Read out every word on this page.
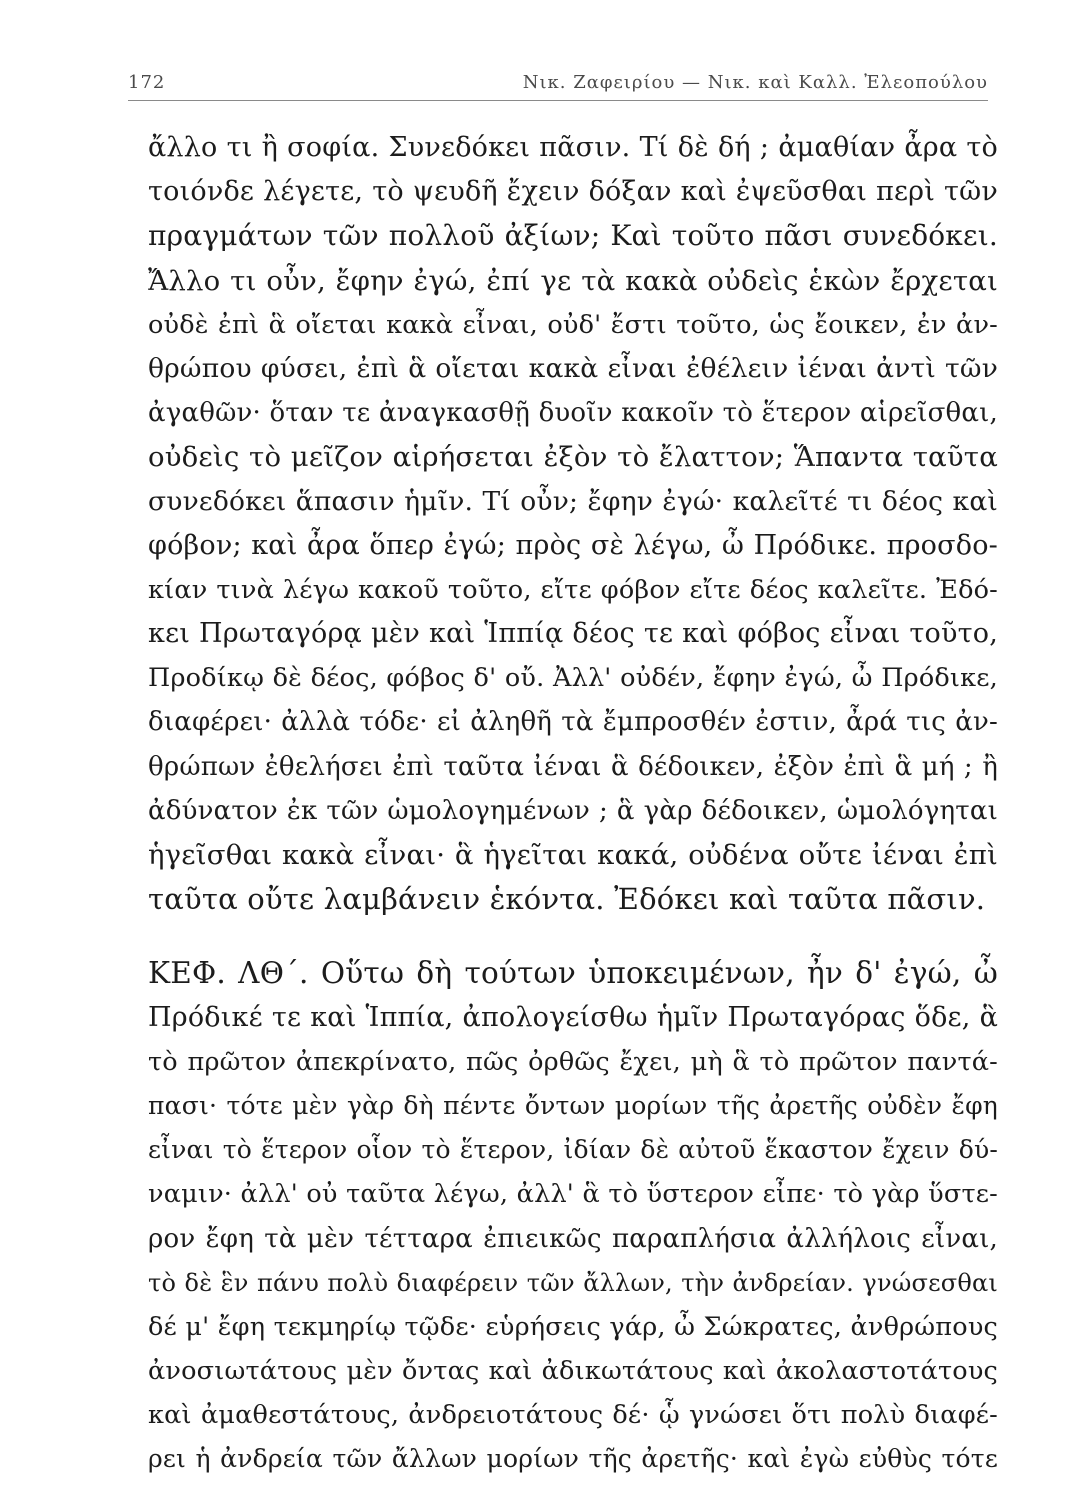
172	Νικ. Ζαφειρίου — Νικ. καὶ Καλλ. Ἐλεοπούλου
ἄλλο τι ἢ σοφία. Συνεδόκει πᾶσιν. Τί δὲ δή ; ἀμαθίαν ἆρα τὸ
τοιόνδε λέγετε, τὸ ψευδῆ ἔχειν δόξαν καὶ ἐψεῦσθαι περὶ τῶν
πραγμάτων τῶν πολλοῦ ἀξίων; Καὶ τοῦτο πᾶσι συνεδόκει.
Ἄλλο τι οὖν, ἔφην ἐγώ, ἐπί γε τὰ κακὰ οὐδεὶς ἑκὼν ἔρχεται
οὐδὲ ἐπὶ ἃ οἴεται κακὰ εἶναι, οὐδ' ἔστι τοῦτο, ὡς ἔοικεν, ἐν ἀν-
θρώπου φύσει, ἐπὶ ἃ οἴεται κακὰ εἶναι ἐθέλειν ἰέναι ἀντὶ τῶν
ἀγαθῶν· ὅταν τε ἀναγκασθῇ δυοῖν κακοῖν τὸ ἕτερον αἱρεῖσθαι,
οὐδεὶς τὸ μεῖζον αἱρήσεται ἐξὸν τὸ ἔλαττον; Ἅπαντα ταῦτα
συνεδόκει ἅπασιν ἡμῖν. Τί οὖν; ἔφην ἐγώ· καλεῖτέ τι δέος καὶ
φόβον; καὶ ἆρα ὅπερ ἐγώ; πρὸς σὲ λέγω, ὦ Πρόδικε. προσδο-
κίαν τινὰ λέγω κακοῦ τοῦτο, εἴτε φόβον εἴτε δέος καλεῖτε. Ἐδό-
κει Πρωταγόρᾳ μὲν καὶ Ἱππίᾳ δέος τε καὶ φόβος εἶναι τοῦτο,
Προδίκῳ δὲ δέος, φόβος δ' οὔ. Ἀλλ' οὐδέν, ἔφην ἐγώ, ὦ Πρόδικε,
διαφέρει· ἀλλὰ τόδε· εἰ ἀληθῆ τὰ ἔμπροσθέν ἐστιν, ἆρά τις ἀν-
θρώπων ἐθελήσει ἐπὶ ταῦτα ἰέναι ἃ δέδοικεν, ἐξὸν ἐπὶ ἃ μή ; ἢ
ἀδύνατον ἐκ τῶν ὡμολογημένων ; ἃ γὰρ δέδοικεν, ὡμολόγηται
ἡγεῖσθαι κακὰ εἶναι· ἃ ἡγεῖται κακά, οὐδένα οὔτε ἰέναι ἐπὶ
ταῦτα οὔτε λαμβάνειν ἑκόντα. Ἐδόκει καὶ ταῦτα πᾶσιν.
ΚΕΦ. ΛΘ΄. Οὕτω δὴ τούτων ὑποκειμένων, ἦν δ' ἐγώ, ὦ
Πρόδικέ τε καὶ Ἱππία, ἀπολογείσθω ἡμῖν Πρωταγόρας ὅδε, ἃ
τὸ πρῶτον ἀπεκρίνατο, πῶς ὀρθῶς ἔχει, μὴ ἃ τὸ πρῶτον παντά-
πασι· τότε μὲν γὰρ δὴ πέντε ὄντων μορίων τῆς ἀρετῆς οὐδὲν ἔφη
εἶναι τὸ ἕτερον οἷον τὸ ἕτερον, ἰδίαν δὲ αὐτοῦ ἕκαστον ἔχειν δύ-
ναμιν· ἀλλ' οὐ ταῦτα λέγω, ἀλλ' ἃ τὸ ὕστερον εἶπε· τὸ γὰρ ὕστε-
ρον ἔφη τὰ μὲν τέτταρα ἐπιεικῶς παραπλήσια ἀλλήλοις εἶναι,
τὸ δὲ ἓν πάνυ πολὺ διαφέρειν τῶν ἄλλων, τὴν ἀνδρείαν. γνώσεσθαι
δέ μ' ἔφη τεκμηρίῳ τῷδε· εὑρήσεις γάρ, ὦ Σώκρατες, ἀνθρώπους
ἀνοσιωτάτους μὲν ὄντας καὶ ἀδικωτάτους καὶ ἀκολαστοτάτους
καὶ ἀμαθεστάτους, ἀνδρειοτάτους δέ· ᾧ γνώσει ὅτι πολὺ διαφέ-
ρει ἡ ἀνδρεία τῶν ἄλλων μορίων τῆς ἀρετῆς· καὶ ἐγὼ εὐθὺς τότε
